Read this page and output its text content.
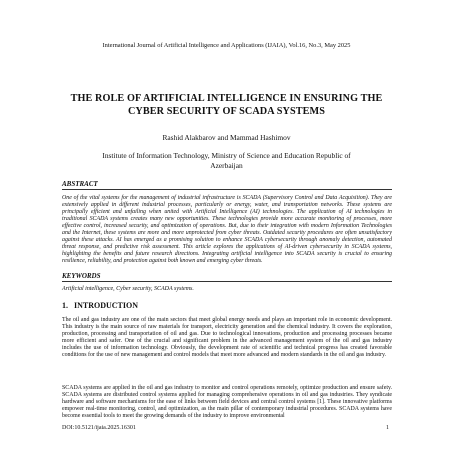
International Journal of Artificial Intelligence and Applications (IJAIA), Vol.16, No.3, May 2025
THE ROLE OF ARTIFICIAL INTELLIGENCE IN ENSURING THE CYBER SECURITY OF SCADA SYSTEMS
Rashid Alakbarov and Mammad Hashimov
Institute of Information Technology, Ministry of Science and Education Republic of Azerbaijan
ABSTRACT

One of the vital systems for the management of industrial infrastructure is SCADA (Supervisory Control and Data Acquisition). They are extensively applied in different industrial processes, particularly or energy, water, and transportation networks. These systems are principally efficient and unfailing when united with Artificial Intelligence (AI) technologies. The application of AI technologies in traditional SCADA systems creates many new opportunities. These technologies provide more accurate monitoring of processes, more effective control, increased security, and optimization of operations. But, due to their integration with modern Information Technologies and the Internet, these systems are more and more unprotected from cyber threats. Outdated security procedures are often unsatisfactory against these attacks. AI has emerged as a promising solution to enhance SCADA cybersecurity through anomaly detection, automated threat response, and predictive risk assessment. This article explores the applications of AI-driven cybersecurity in SCADA systems, highlighting the benefits and future research directions. Integrating artificial intelligence into SCADA security is crucial to ensuring resilience, reliability, and protection against both known and emerging cyber threats.

KEYWORDS

Artificial intelligence, Cyber security, SCADA systems.

1. INTRODUCTION

The oil and gas industry are one of the main sectors that meet global energy needs and plays an important role in economic development. This industry is the main source of raw materials for transport, electricity generation and the chemical industry. It covers the exploration, production, processing and transportation of oil and gas. Due to technological innovations, production and processing processes became more efficient and safer. One of the crucial and significant problem in the advanced management system of the oil and gas industry includes the use of information technology. Obviously, the development rate of scientific and technical progress has created favorable conditions for the use of new management and control models that meet more advanced and modern standards in the oil and gas industry.

SCADA systems are applied in the oil and gas industry to monitor and control operations remotely, optimize production and ensure safety. SCADA systems are distributed control systems applied for managing comprehensive operations in oil and gas industries. They syndicate hardware and software mechanisms for the ease of links between field devices and central control systems [1]. These innovative platforms empower real-time monitoring, control, and optimization, as the main pillar of contemporary industrial procedures. SCADA systems have become essential tools to meet the growing demands of the industry to improve environmental

DOI:10.5121/ijaia.2025.16301	1
